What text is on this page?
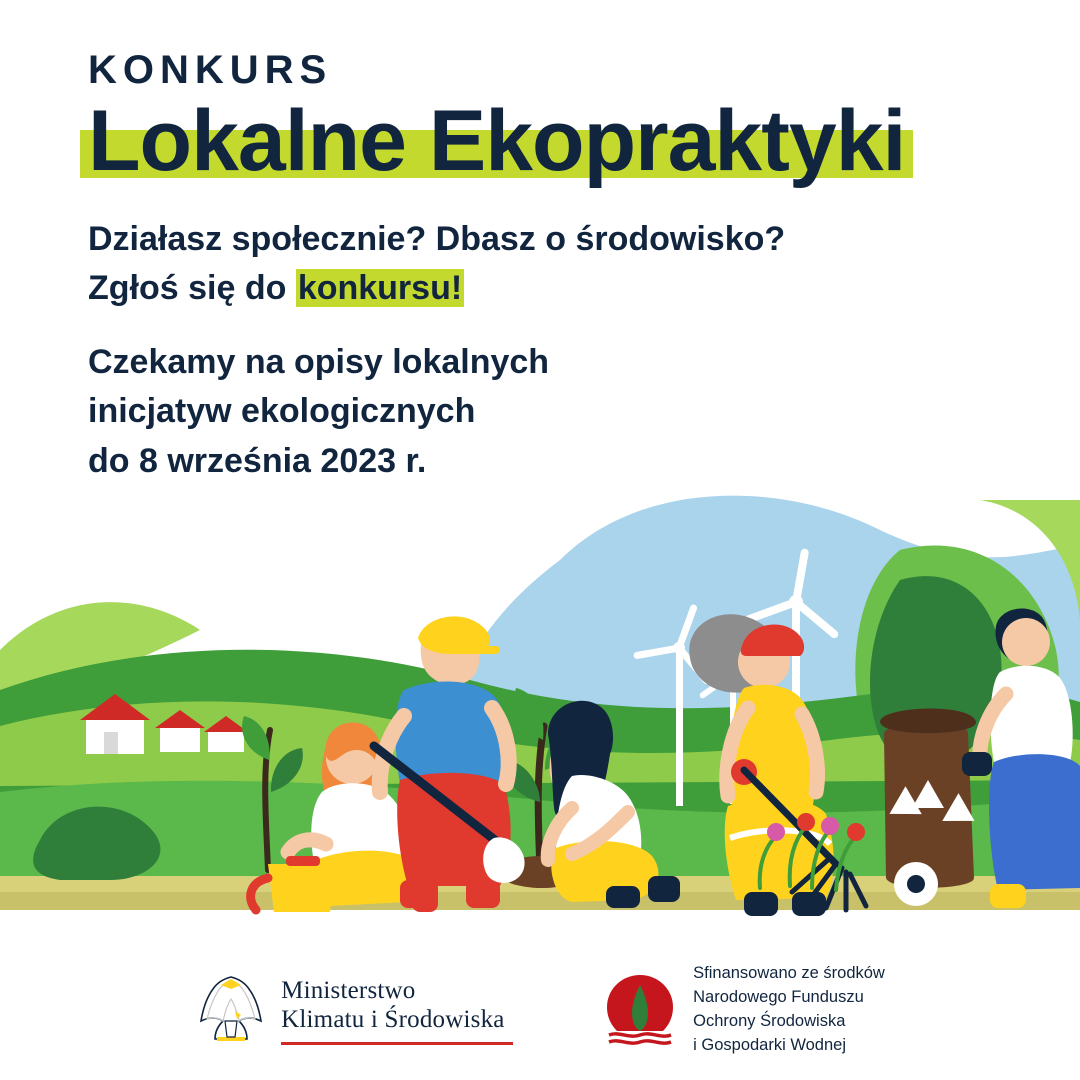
KONKURS
Lokalne Ekopraktyki

Działasz społecznie? Dbasz o środowisko?
Zgłoś się do konkursu!

Czekamy na opisy lokalnych
inicjatyw ekologicznych
do 8 września 2023 r.

Ministerstwo
Klimatu i Środowiska
Sfinansowano ze środków
Narodowego Funduszu
Ochrony Środowiska
i Gospodarki Wodnej
